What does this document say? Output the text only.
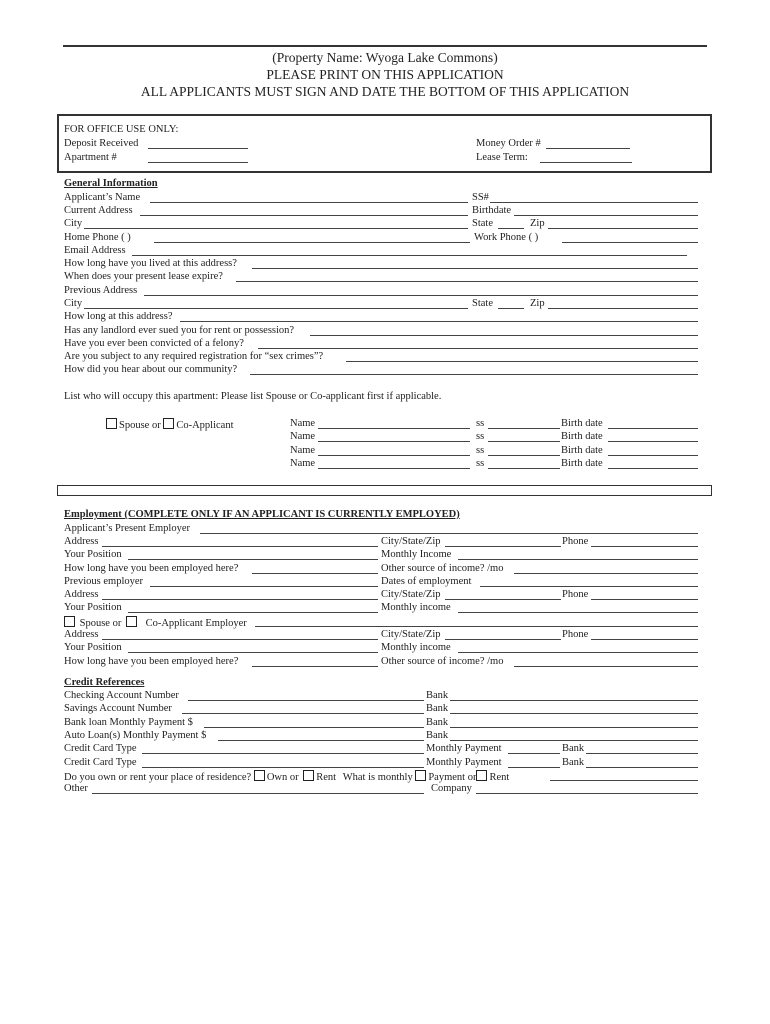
(Property Name: Wyoga Lake Commons)
PLEASE PRINT ON THIS APPLICATION
ALL APPLICANTS MUST SIGN AND DATE THE BOTTOM OF THIS APPLICATION
FOR OFFICE USE ONLY:
Deposit Received
Apartment #
Money Order #
Lease Term:
General Information
Applicant’s Name	SS#
Current Address	Birthdate
City	State	Zip
Home Phone ( )	Work Phone ( )
Email Address
How long have you lived at this address?
When does your present lease expire?
Previous Address
City	State	Zip
How long at this address?
Has any landlord ever sued you for rent or possession?
Have you ever been convicted of a felony?
Are you subject to any required registration for “sex crimes”?
How did you hear about our community?
List who will occupy this apartment: Please list Spouse or Co-applicant first if applicable.
Spouse or Co-Applicant	Name	ss	Birth date
Name	ss	Birth date
Name	ss	Birth date
Name	ss	Birth date
Employment (COMPLETE ONLY IF AN APPLICANT IS CURRENTLY EMPLOYED)
Applicant’s Present Employer
Address	City/State/Zip	Phone
Your Position	Monthly Income
How long have you been employed here?	Other source of income? /mo
Previous employer	Dates of employment
Address	City/State/Zip	Phone
Your Position	Monthly income
Spouse or Co-Applicant Employer
Address	City/State/Zip	Phone
Your Position	Monthly income
How long have you been employed here?	Other source of income? /mo
Credit References
Checking Account Number	Bank
Savings Account Number	Bank
Bank loan Monthly Payment $	Bank
Auto Loan(s) Monthly Payment $	Bank
Credit Card Type	Monthly Payment	Bank
Credit Card Type	Monthly Payment	Bank
Do you own or rent your place of residence? Own or Rent What is monthly Payment or Rent
Other	Company
